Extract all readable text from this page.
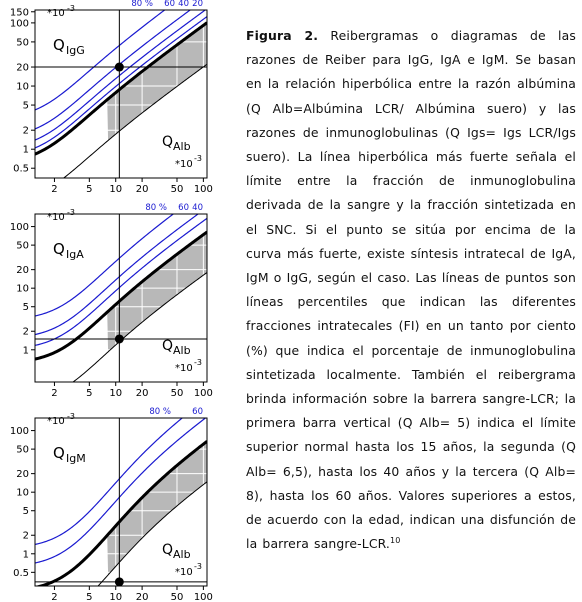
2	5 10 20 50 100
150
100
50
20
10
5
2
1
0.5
*10 -3
Q IgG
Q Alb
*10
-3
80 % 60 40 20
2	5 10 20 50 100
100
50
20
10
5
2
1
*10 -3
Q IgA
Q Alb
*10
-3
80 % 60 40
2	5 10 20 50 100
100
50
20
10
5
2
1
0.5
*10 -3
Q IgM
Q Alb
*10
-3
80 % 60
Figura 2. Reibergramas o diagramas de las razones de Reiber para IgG, IgA e IgM. Se basan en la relación hiperbólica entre la razón albúmina (Q Alb=Albúmina LCR/ Albúmina suero) y las razones de inmunoglobulinas (Q Igs= Igs LCR/Igs suero). La línea hiperbólica más fuerte señala el límite entre la fracción de inmunoglobulina derivada de la sangre y la fracción sintetizada en el SNC. Si el punto se sitúa por encima de la curva más fuerte, existe síntesis intratecal de IgA, IgM o IgG, según el caso. Las líneas de puntos son líneas percentiles que indican las diferentes fracciones intratecales (FI) en un tanto por ciento (%) que indica el porcentaje de inmunoglobulina sintetizada localmente. También el reibergrama brinda información sobre la barrera sangre-LCR; la primera barra vertical (Q Alb= 5) indica el límite superior normal hasta los 15 años, la segunda (Q Alb= 6,5), hasta los 40 años y la tercera (Q Alb= 8), hasta los 60 años. Valores superiores a estos, de acuerdo con la edad, indican una disfunción de la barrera sangre-LCR.$^{10}$
